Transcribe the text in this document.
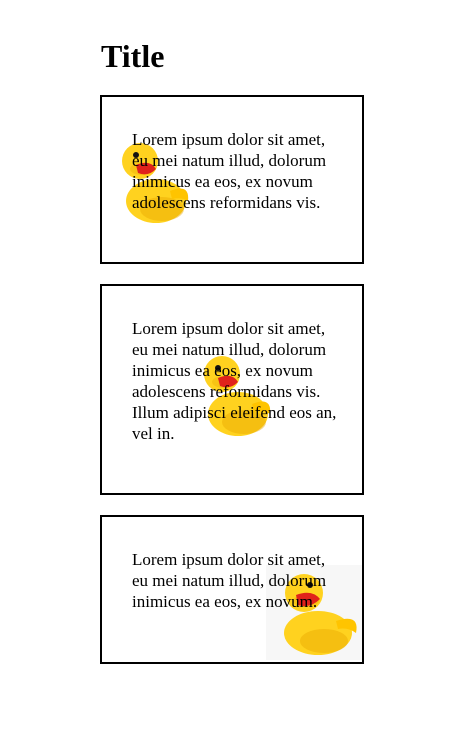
Title

Lorem ipsum dolor sit amet, eu mei natum illud, dolorum inimicus ea eos, ex novum adolescens reformidans vis.

Lorem ipsum dolor sit amet, eu mei natum illud, dolorum inimicus ea eos, ex novum adolescens reformidans vis. Illum adipisci eleifend eos an, vel in.

Lorem ipsum dolor sit amet, eu mei natum illud, dolorum inimicus ea eos, ex novum.
